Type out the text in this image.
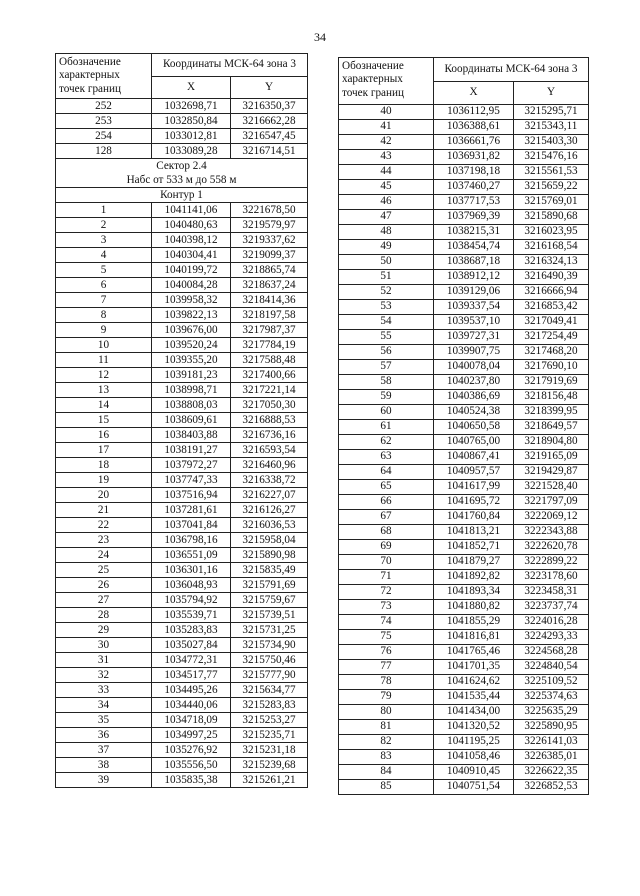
34
Обозначение характерных точек границ	Координаты МСК-64 зона 3	
	X	Y
252	1032698,71	3216350,37
253	1032850,84	3216662,28
254	1033012,81	3216547,45
128	1033089,28	3216714,51

Сектор 2.4
Набс от 533 м до 558 м		

Контур 1		
1	1041141,06	3221678,50
2	1040480,63	3219579,97
3	1040398,12	3219337,62
4	1040304,41	3219099,37
5	1040199,72	3218865,74
6	1040084,28	3218637,24
7	1039958,32	3218414,36
8	1039822,13	3218197,58
9	1039676,00	3217987,37
10	1039520,24	3217784,19
11	1039355,20	3217588,48
12	1039181,23	3217400,66
13	1038998,71	3217221,14
14	1038808,03	3217050,30
15	1038609,61	3216888,53
16	1038403,88	3216736,16
17	1038191,27	3216593,54
18	1037972,27	3216460,96
19	1037747,33	3216338,72
20	1037516,94	3216227,07
21	1037281,61	3216126,27
22	1037041,84	3216036,53
23	1036798,16	3215958,04
24	1036551,09	3215890,98
25	1036301,16	3215835,49
26	1036048,93	3215791,69
27	1035794,92	3215759,67
28	1035539,71	3215739,51
29	1035283,83	3215731,25
30	1035027,84	3215734,90
31	1034772,31	3215750,46
32	1034517,77	3215777,90
33	1034495,26	3215634,77
34	1034440,06	3215283,83
35	1034718,09	3215253,27
36	1034997,25	3215235,71
37	1035276,92	3215231,18
38	1035556,50	3215239,68
39	1035835,38	3215261,21
Обозначение характерных точек границ	Координаты МСК-64 зона 3	
	X	Y
40	1036112,95	3215295,71
41	1036388,61	3215343,11
42	1036661,76	3215403,30
43	1036931,82	3215476,16
44	1037198,18	3215561,53
45	1037460,27	3215659,22
46	1037717,53	3215769,01
47	1037969,39	3215890,68
48	1038215,31	3216023,95
49	1038454,74	3216168,54
50	1038687,18	3216324,13
51	1038912,12	3216490,39
52	1039129,06	3216666,94
53	1039337,54	3216853,42
54	1039537,10	3217049,41
55	1039727,31	3217254,49
56	1039907,75	3217468,20
57	1040078,04	3217690,10
58	1040237,80	3217919,69
59	1040386,69	3218156,48
60	1040524,38	3218399,95
61	1040650,58	3218649,57
62	1040765,00	3218904,80
63	1040867,41	3219165,09
64	1040957,57	3219429,87
65	1041617,99	3221528,40
66	1041695,72	3221797,09
67	1041760,84	3222069,12
68	1041813,21	3222343,88
69	1041852,71	3222620,78
70	1041879,27	3222899,22
71	1041892,82	3223178,60
72	1041893,34	3223458,31
73	1041880,82	3223737,74
74	1041855,29	3224016,28
75	1041816,81	3224293,33
76	1041765,46	3224568,28
77	1041701,35	3224840,54
78	1041624,62	3225109,52
79	1041535,44	3225374,63
80	1041434,00	3225635,29
81	1041320,52	3225890,95
82	1041195,25	3226141,03
83	1041058,46	3226385,01
84	1040910,45	3226622,35
85	1040751,54	3226852,53
